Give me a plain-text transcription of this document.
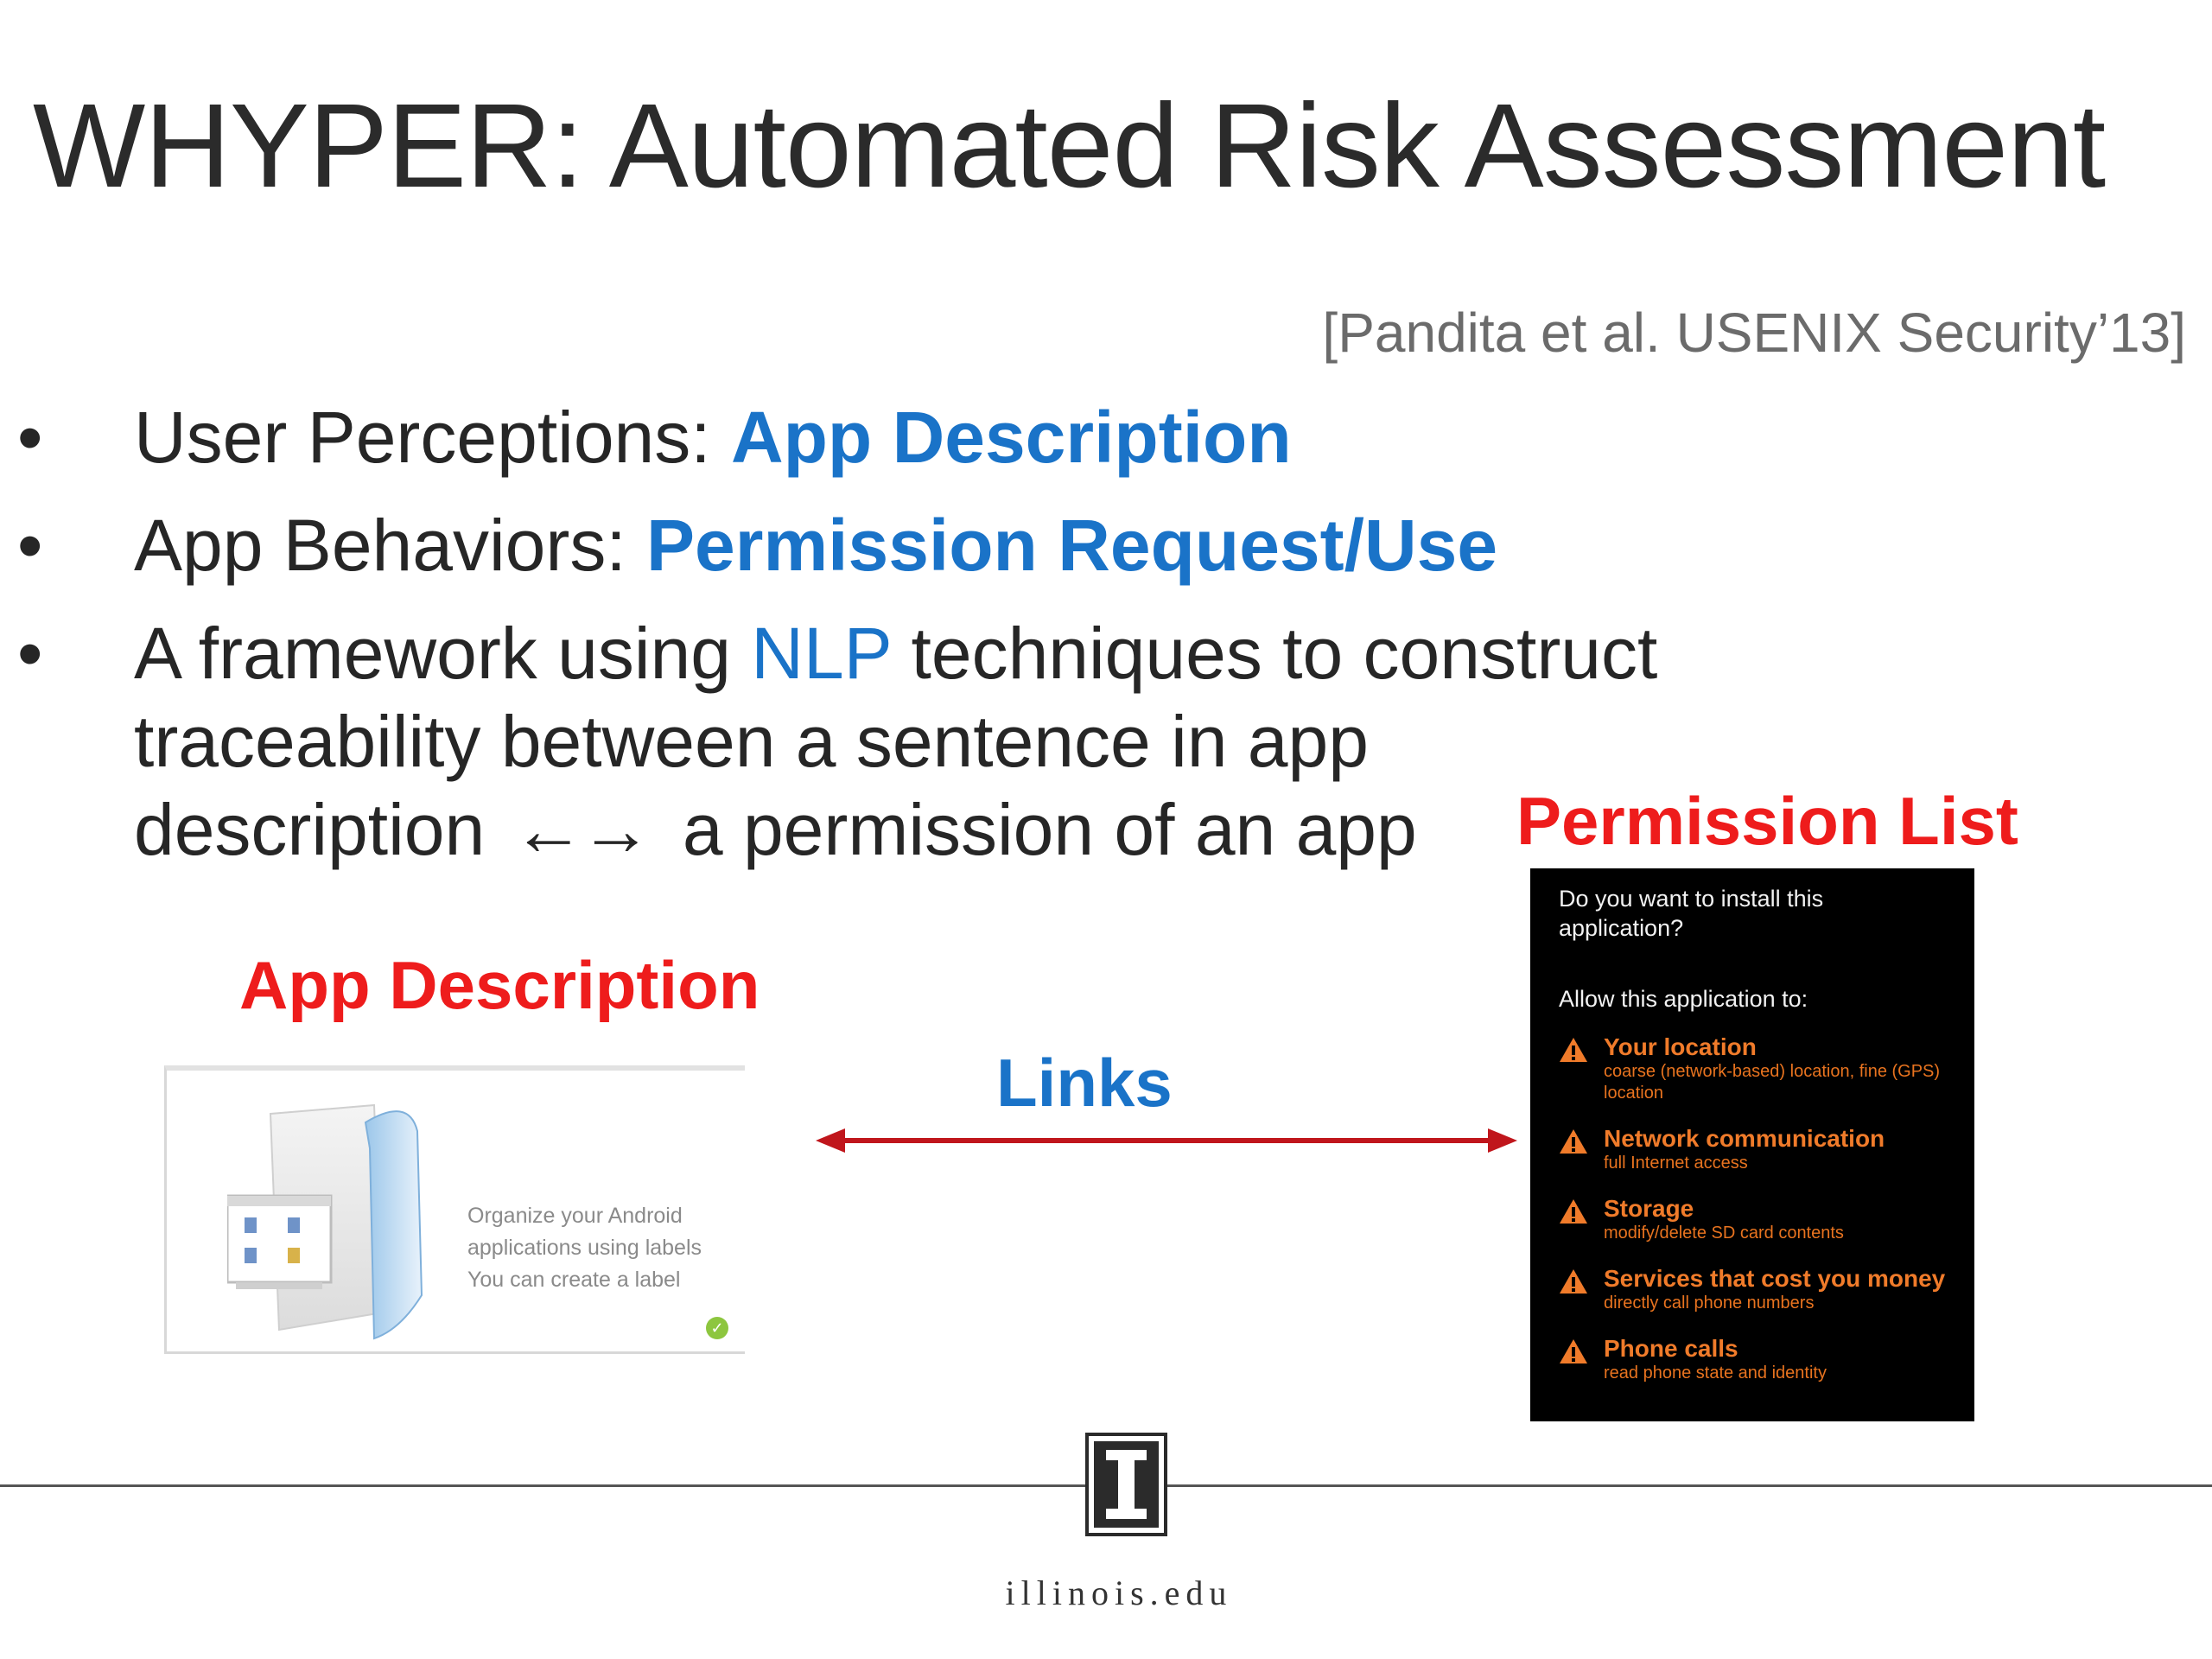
WHYPER: Automated Risk Assessment
[Pandita et al. USENIX Security’13]
• User Perceptions: App Description
• App Behaviors: Permission Request/Use
• A framework using NLP techniques to construct traceability between a sentence in app description ←→ a permission of an app	Permission List
App Description
Links
Organize your Android
applications using labels
You can create a label
✓
Do you want to install this application?
Allow this application to:
Your location
coarse (network-based) location, fine (GPS) location
Network communication
full Internet access
Storage
modify/delete SD card contents
Services that cost you money
directly call phone numbers
Phone calls
read phone state and identity
illinois.edu
